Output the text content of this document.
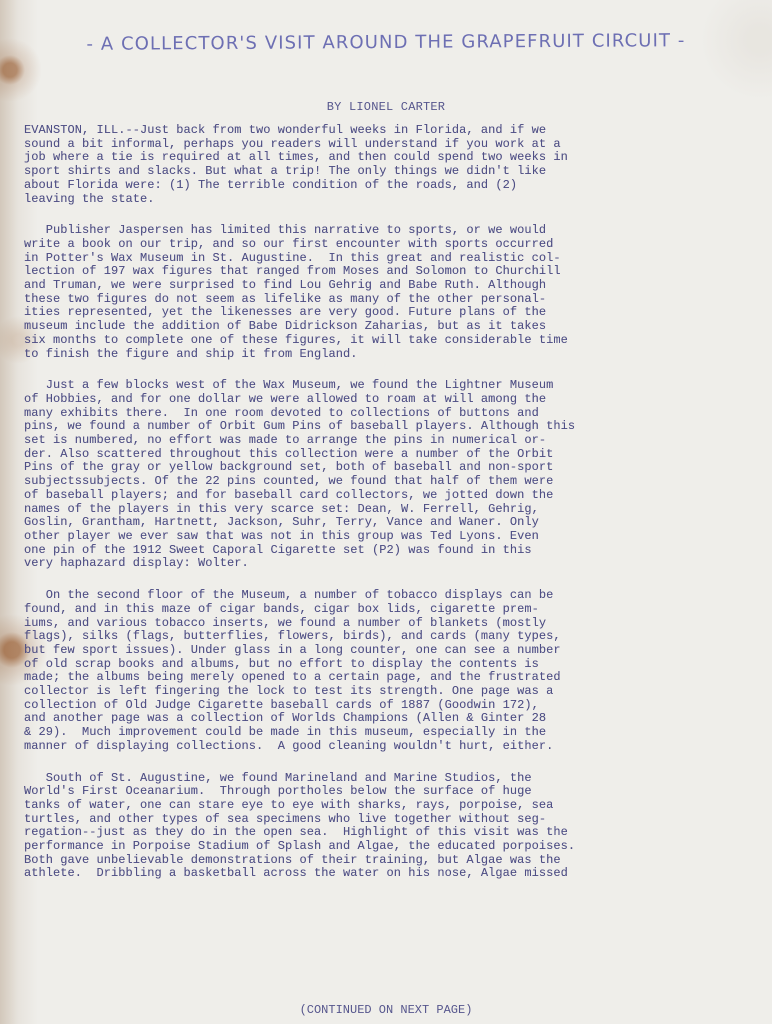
- A COLLECTOR'S VISIT AROUND THE GRAPEFRUIT CIRCUIT -

BY LIONEL CARTER

EVANSTON, ILL.--Just back from two wonderful weeks in Florida, and if we
sound a bit informal, perhaps you readers will understand if you work at a
job where a tie is required at all times, and then could spend two weeks in
sport shirts and slacks. But what a trip! The only things we didn't like
about Florida were: (1) The terrible condition of the roads, and (2)
leaving the state.
Publisher Jaspersen has limited this narrative to sports, or we would
write a book on our trip, and so our first encounter with sports occurred
in Potter's Wax Museum in St. Augustine.  In this great and realistic col-
lection of 197 wax figures that ranged from Moses and Solomon to Churchill
and Truman, we were surprised to find Lou Gehrig and Babe Ruth. Although
these two figures do not seem as lifelike as many of the other personal-
ities represented, yet the likenesses are very good. Future plans of the
museum include the addition of Babe Didrickson Zaharias, but as it takes
six months to complete one of these figures, it will take considerable time
to finish the figure and ship it from England.
Just a few blocks west of the Wax Museum, we found the Lightner Museum
of Hobbies, and for one dollar we were allowed to roam at will among the
many exhibits there.  In one room devoted to collections of buttons and
pins, we found a number of Orbit Gum Pins of baseball players. Although this
set is numbered, no effort was made to arrange the pins in numerical or-
der. Also scattered throughout this collection were a number of the Orbit
Pins of the gray or yellow background set, both of baseball and non-sport
subjectssubjects. Of the 22 pins counted, we found that half of them were
of baseball players; and for baseball card collectors, we jotted down the
names of the players in this very scarce set: Dean, W. Ferrell, Gehrig,
Goslin, Grantham, Hartnett, Jackson, Suhr, Terry, Vance and Waner. Only
other player we ever saw that was not in this group was Ted Lyons. Even
one pin of the 1912 Sweet Caporal Cigarette set (P2) was found in this
very haphazard display: Wolter.
On the second floor of the Museum, a number of tobacco displays can be
found, and in this maze of cigar bands, cigar box lids, cigarette prem-
iums, and various tobacco inserts, we found a number of blankets (mostly
flags), silks (flags, butterflies, flowers, birds), and cards (many types,
but few sport issues). Under glass in a long counter, one can see a number
of old scrap books and albums, but no effort to display the contents is
made; the albums being merely opened to a certain page, and the frustrated
collector is left fingering the lock to test its strength. One page was a
collection of Old Judge Cigarette baseball cards of 1887 (Goodwin 172),
and another page was a collection of Worlds Champions (Allen & Ginter 28
& 29).  Much improvement could be made in this museum, especially in the
manner of displaying collections.  A good cleaning wouldn't hurt, either.
South of St. Augustine, we found Marineland and Marine Studios, the
World's First Oceanarium.  Through portholes below the surface of huge
tanks of water, one can stare eye to eye with sharks, rays, porpoise, sea
turtles, and other types of sea specimens who live together without seg-
regation--just as they do in the open sea.  Highlight of this visit was the
performance in Porpoise Stadium of Splash and Algae, the educated porpoises.
Both gave unbelievable demonstrations of their training, but Algae was the
athlete.  Dribbling a basketball across the water on his nose, Algae missed

(CONTINUED ON NEXT PAGE)
